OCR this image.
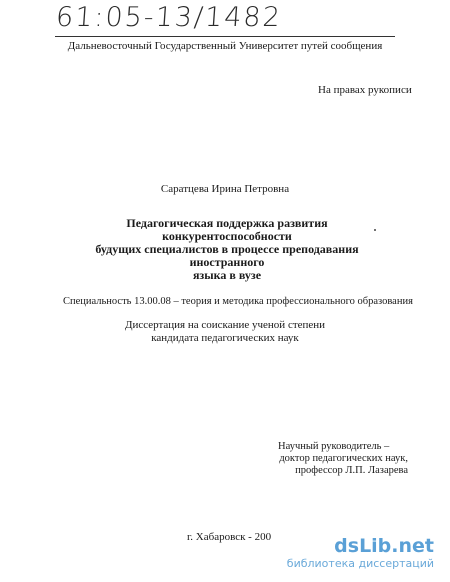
61:05-13/1482
Дальневосточный Государственный Университет путей сообщения
На правах рукописи
Саратцева Ирина Петровна
Педагогическая поддержка развития конкурентоспособности
будущих специалистов в процессе преподавания иностранного
языка в вузе
Специальность 13.00.08 – теория и методика профессионального образования
Диссертация на соискание ученой степени
кандидата педагогических наук
Научный руководитель –
доктор педагогических наук,
профессор Л.П. Лазарева
г. Хабаровск - 200	dsLib.net
библиотека диссертаций
